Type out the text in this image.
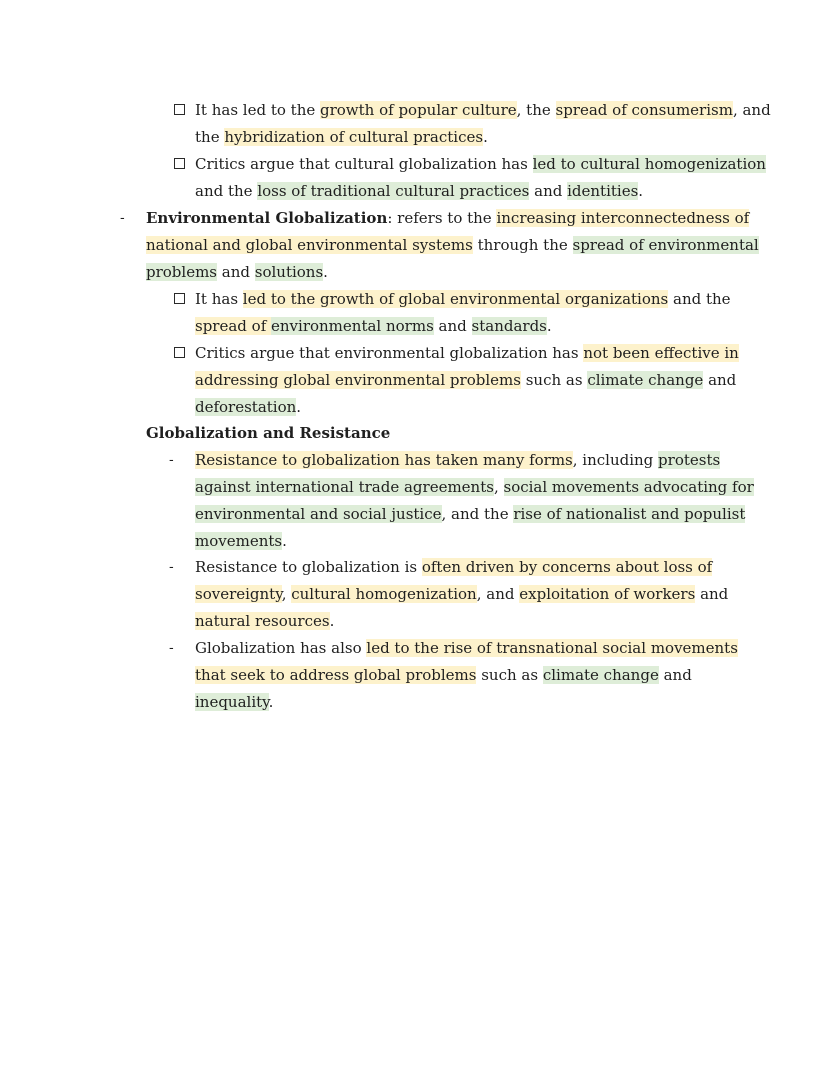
It has led to the growth of popular culture, the spread of consumerism, and
the hybridization of cultural practices.
Critics argue that cultural globalization has led to cultural homogenization
and the loss of traditional cultural practices and identities.
- Environmental Globalization: refers to the increasing interconnectedness of
national and global environmental systems through the spread of environmental
problems and solutions.
It has led to the growth of global environmental organizations and the
spread of environmental norms and standards.
Critics argue that environmental globalization has not been effective in
addressing global environmental problems such as climate change and
deforestation.
Globalization and Resistance
- Resistance to globalization has taken many forms, including protests
against international trade agreements, social movements advocating for
environmental and social justice, and the rise of nationalist and populist
movements.
- Resistance to globalization is often driven by concerns about loss of
sovereignty, cultural homogenization, and exploitation of workers and
natural resources.
- Globalization has also led to the rise of transnational social movements
that seek to address global problems such as climate change and
inequality.
